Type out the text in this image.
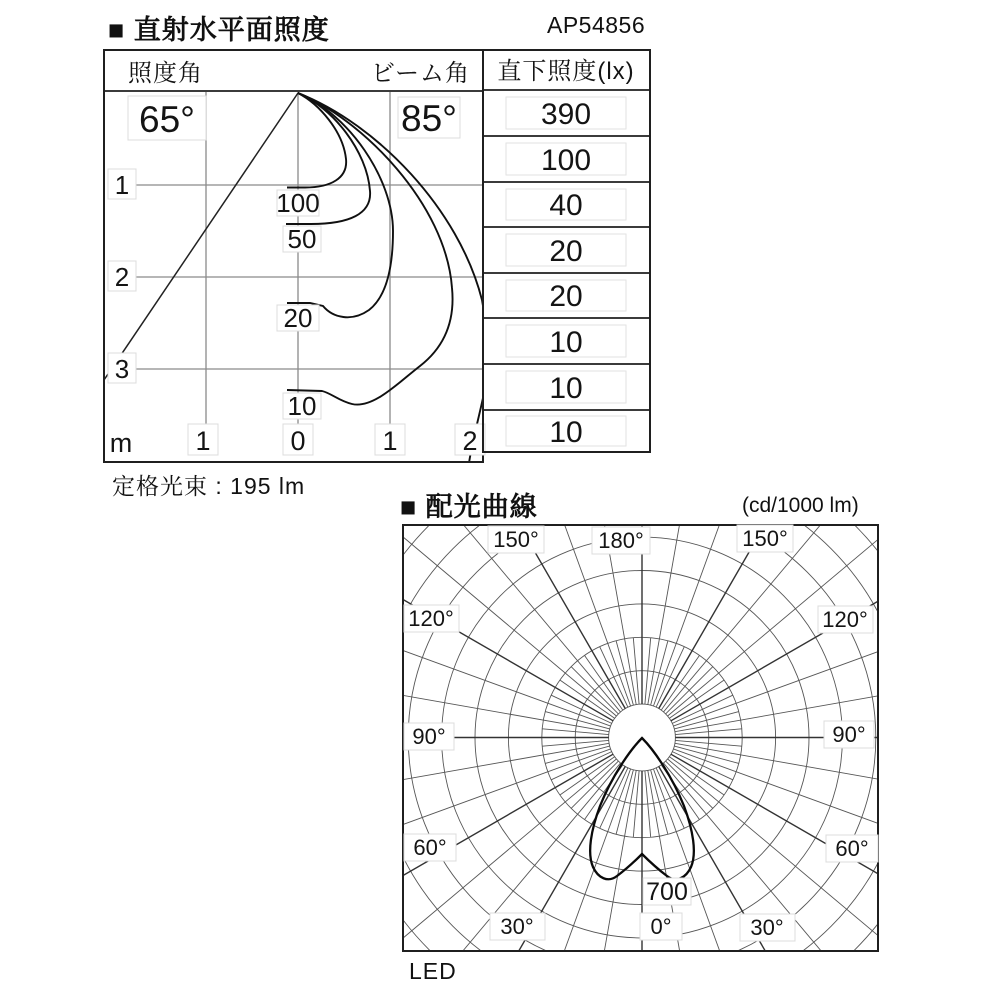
■ 直射水平面照度	AP54856
定格光束 : 195 lm
■ 配光曲線	(cd/1000 lm)
LED
照度角	ビーム角
65°	85°
100
50
20
10
1
2
3
m 1	0	1 2
直下照度(lx)
390
100
40
20
20
10
10
10
180°
150°	150°
120°	120°
90°	90°
60°	60°
30°	30°
0°
700
